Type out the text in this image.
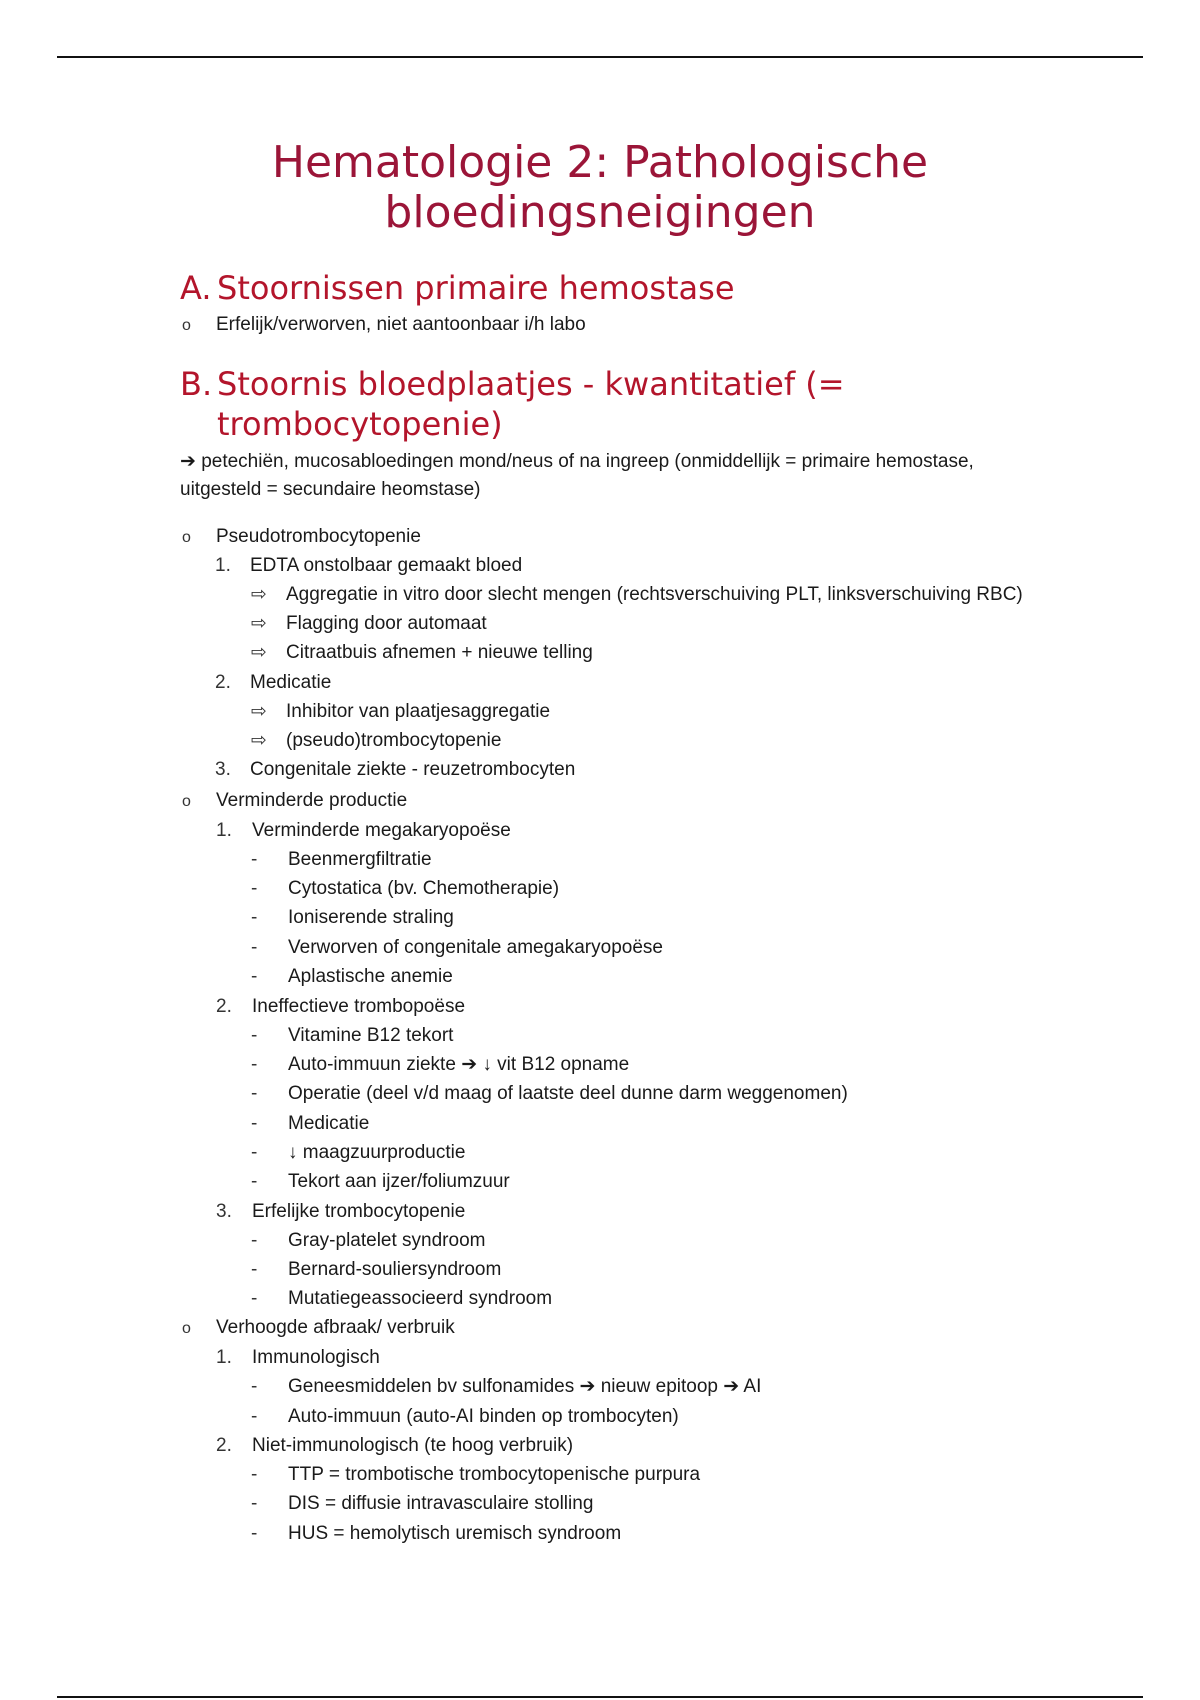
Hematologie 2: Pathologische
bloedingsneigingen
A. Stoornissen primaire hemostase
o Erfelijk/verworven, niet aantoonbaar i/h labo
B. Stoornis bloedplaatjes - kwantitatief (=
trombocytopenie)
➔ petechiën, mucosabloedingen mond/neus of na ingreep (onmiddellijk = primaire hemostase,
uitgesteld = secundaire heomstase)
o Pseudotrombocytopenie
1. EDTA onstolbaar gemaakt bloed
⇨ Aggregatie in vitro door slecht mengen (rechtsverschuiving PLT, linksverschuiving RBC)
⇨ Flagging door automaat
⇨ Citraatbuis afnemen + nieuwe telling
2. Medicatie
⇨ Inhibitor van plaatjesaggregatie
⇨ (pseudo)trombocytopenie
3. Congenitale ziekte - reuzetrombocyten
o Verminderde productie
1. Verminderde megakaryopoëse
- Beenmergfiltratie
- Cytostatica (bv. Chemotherapie)
- Ioniserende straling
- Verworven of congenitale amegakaryopoëse
- Aplastische anemie
2. Ineffectieve trombopoëse
- Vitamine B12 tekort
- Auto-immuun ziekte ➔ ↓ vit B12 opname
- Operatie (deel v/d maag of laatste deel dunne darm weggenomen)
- Medicatie
- ↓ maagzuurproductie
- Tekort aan ijzer/foliumzuur
3. Erfelijke trombocytopenie
- Gray-platelet syndroom
- Bernard-souliersyndroom
- Mutatiegeassocieerd syndroom
o Verhoogde afbraak/ verbruik
1. Immunologisch
- Geneesmiddelen bv sulfonamides ➔ nieuw epitoop ➔ AI
- Auto-immuun (auto-AI binden op trombocyten)
2. Niet-immunologisch (te hoog verbruik)
- TTP = trombotische trombocytopenische purpura
- DIS = diffusie intravasculaire stolling
- HUS = hemolytisch uremisch syndroom
